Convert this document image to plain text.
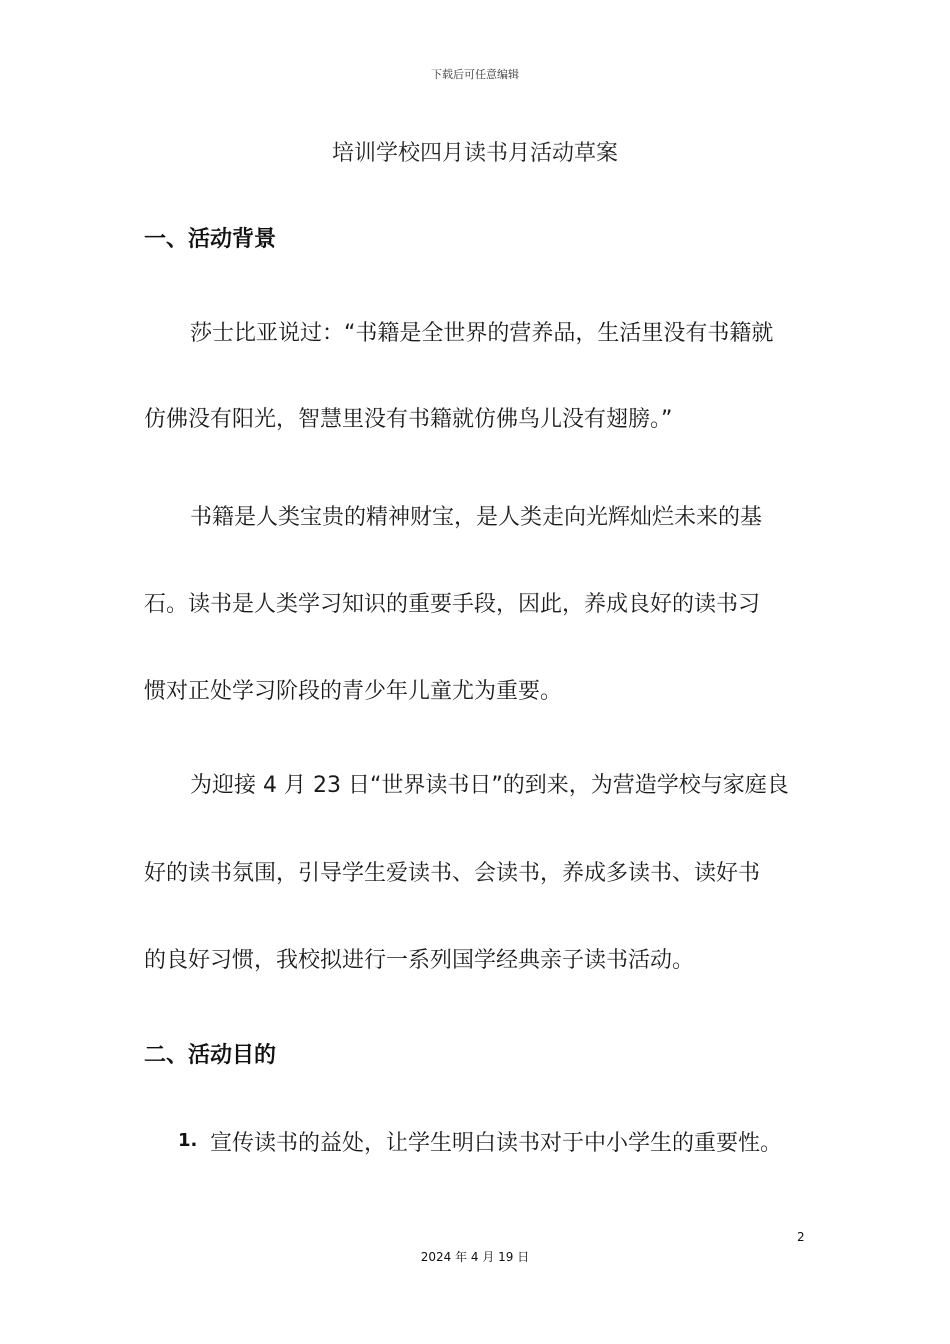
下载后可任意编辑
培训学校四月读书月活动草案
一、活动背景
莎士比亚说过：“书籍是全世界的营养品，生活里没有书籍就
仿佛没有阳光，智慧里没有书籍就仿佛鸟儿没有翅膀。”
书籍是人类宝贵的精神财宝，是人类走向光辉灿烂未来的基
石。读书是人类学习知识的重要手段，因此，养成良好的读书习
惯对正处学习阶段的青少年儿童尤为重要。
为迎接 4 月 23 日“世界读书日”的到来，为营造学校与家庭良
好的读书氛围，引导学生爱读书、会读书，养成多读书、读好书
的良好习惯，我校拟进行一系列国学经典亲子读书活动。
二、活动目的
1. 宣传读书的益处，让学生明白读书对于中小学生的重要性。
2
2024 年 4 月 19 日
